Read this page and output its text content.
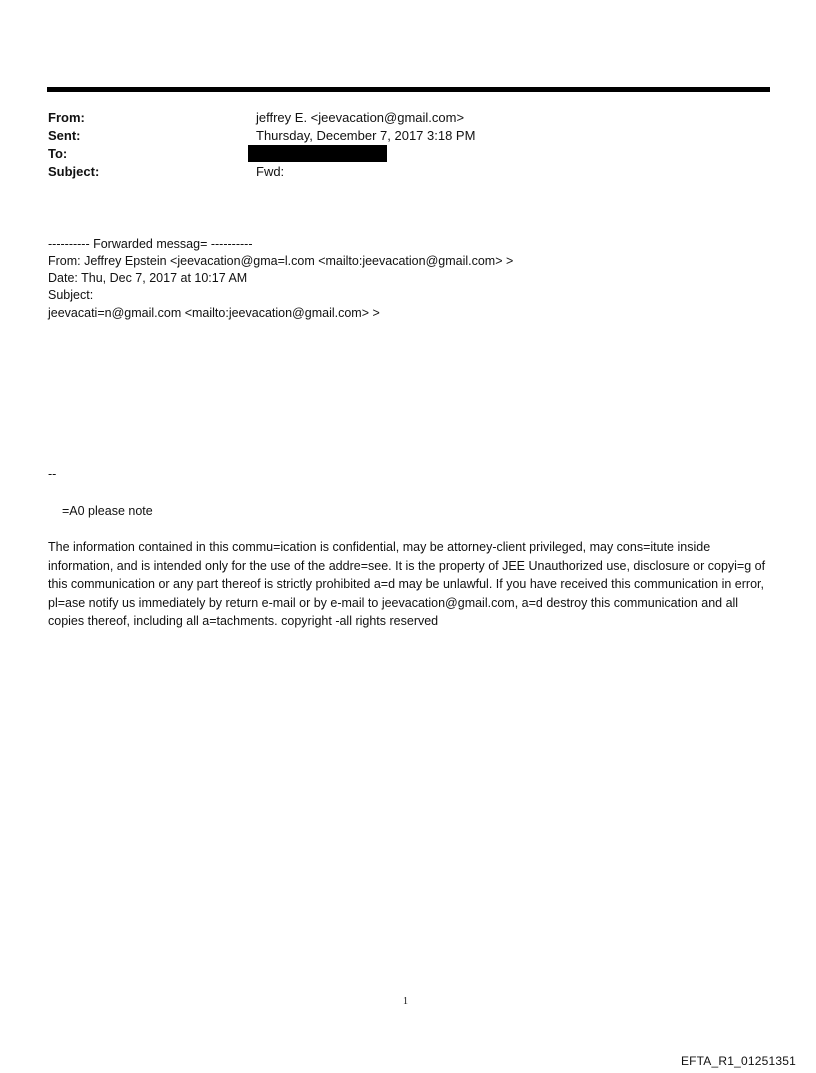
From:	jeffrey E. <jeevacation@gmail.com>
Sent:	Thursday, December 7, 2017 3:18 PM
To:
Subject:	Fwd:
---------- Forwarded messag= ----------
From: Jeffrey Epstein <jeevacation@gma=l.com <mailto:jeevacation@gmail.com> >
Date: Thu, Dec 7, 2017 at 10:17 AM
Subject:
jeevacati=n@gmail.com <mailto:jeevacation@gmail.com> >
--
=A0 please note
The information contained in this commu=ication is confidential, may be attorney-client privileged, may cons=itute inside information, and is intended only for the use of the addre=see. It is the property of JEE Unauthorized use, disclosure or copyi=g of this communication or any part thereof is strictly prohibited a=d may be unlawful. If you have received this communication in error, pl=ase notify us immediately by return e-mail or by e-mail to jeevacation@gmail.com, a=d destroy this communication and all copies thereof, including all a=tachments. copyright -all rights reserved
1
EFTA_R1_01251351
